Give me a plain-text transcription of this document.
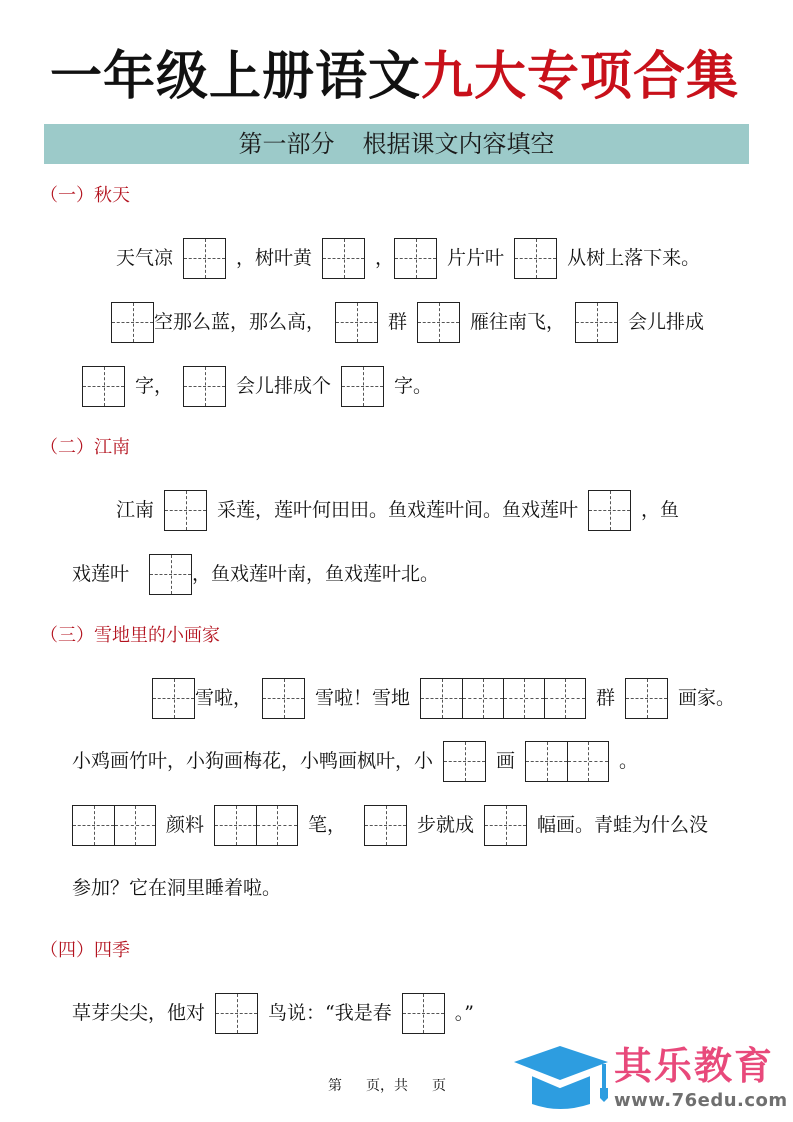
一年级上册语文九大专项合集
第一部分 根据课文内容填空
（一）秋天
天气凉	，树叶黄	，	片片叶	从树上落下来。
空那么蓝，那么高，	群	雁往南飞，	会儿排成
字，	会儿排成个	字。
（二）江南
江南	采莲，莲叶何田田。鱼戏莲叶间。鱼戏莲叶	，鱼
戏莲叶	，鱼戏莲叶南，鱼戏莲叶北。
（三）雪地里的小画家
雪啦，	雪啦！雪地	群	画家。
小鸡画竹叶，小狗画梅花，小鸭画枫叶，小	画	。
颜料	笔，	步就成	幅画。青蛙为什么没
参加？它在洞里睡着啦。
（四）四季
草芽尖尖，他对	鸟说：“我是春	。”
第 页，共 页	其乐教育
www.76edu.com
